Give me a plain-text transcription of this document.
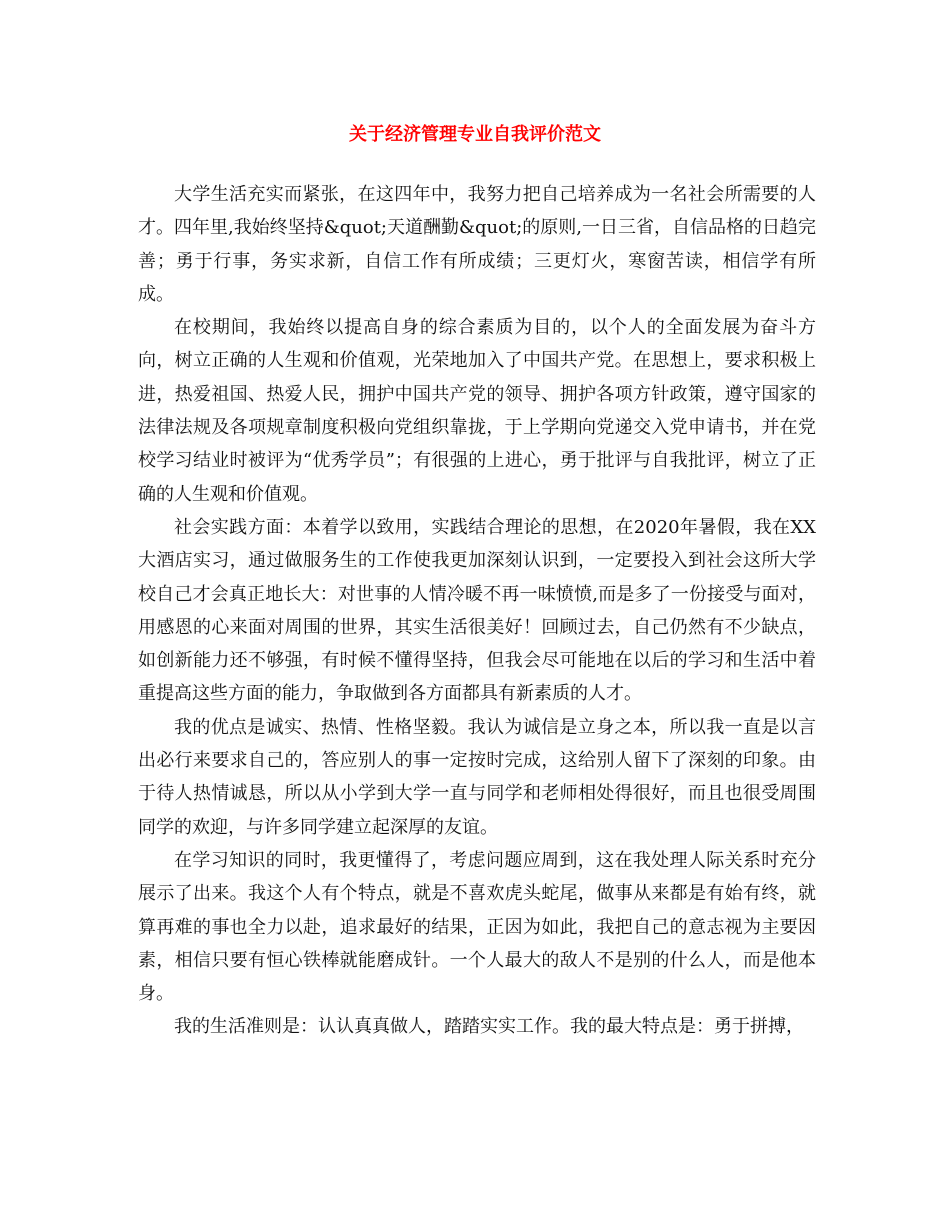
关于经济管理专业自我评价范文

大学生活充实而紧张，在这四年中，我努力把自己培养成为一名社会所需要的人才。四年里,我始终坚持&quot;天道酬勤&quot;的原则,一日三省，自信品格的日趋完善；勇于行事，务实求新，自信工作有所成绩；三更灯火，寒窗苦读，相信学有所成。

在校期间，我始终以提高自身的综合素质为目的，以个人的全面发展为奋斗方向，树立正确的人生观和价值观，光荣地加入了中国共产党。在思想上，要求积极上进，热爱祖国、热爱人民，拥护中国共产党的领导、拥护各项方针政策，遵守国家的法律法规及各项规章制度积极向党组织靠拢，于上学期向党递交入党申请书，并在党校学习结业时被评为“优秀学员”；有很强的上进心，勇于批评与自我批评，树立了正确的人生观和价值观。

社会实践方面：本着学以致用，实践结合理论的思想，在2020年暑假，我在XX大酒店实习，通过做服务生的工作使我更加深刻认识到，一定要投入到社会这所大学校自己才会真正地长大：对世事的人情冷暖不再一味愤愤,而是多了一份接受与面对，用感恩的心来面对周围的世界，其实生活很美好！回顾过去，自己仍然有不少缺点，如创新能力还不够强，有时候不懂得坚持，但我会尽可能地在以后的学习和生活中着重提高这些方面的能力，争取做到各方面都具有新素质的人才。

我的优点是诚实、热情、性格坚毅。我认为诚信是立身之本，所以我一直是以言出必行来要求自己的，答应别人的事一定按时完成，这给别人留下了深刻的印象。由于待人热情诚恳，所以从小学到大学一直与同学和老师相处得很好，而且也很受周围同学的欢迎，与许多同学建立起深厚的友谊。

在学习知识的同时，我更懂得了，考虑问题应周到，这在我处理人际关系时充分展示了出来。我这个人有个特点，就是不喜欢虎头蛇尾，做事从来都是有始有终，就算再难的事也全力以赴，追求最好的结果，正因为如此，我把自己的意志视为主要因素，相信只要有恒心铁棒就能磨成针。一个人最大的敌人不是别的什么人，而是他本身。

我的生活准则是：认认真真做人，踏踏实实工作。我的最大特点是：勇于拼搏，
